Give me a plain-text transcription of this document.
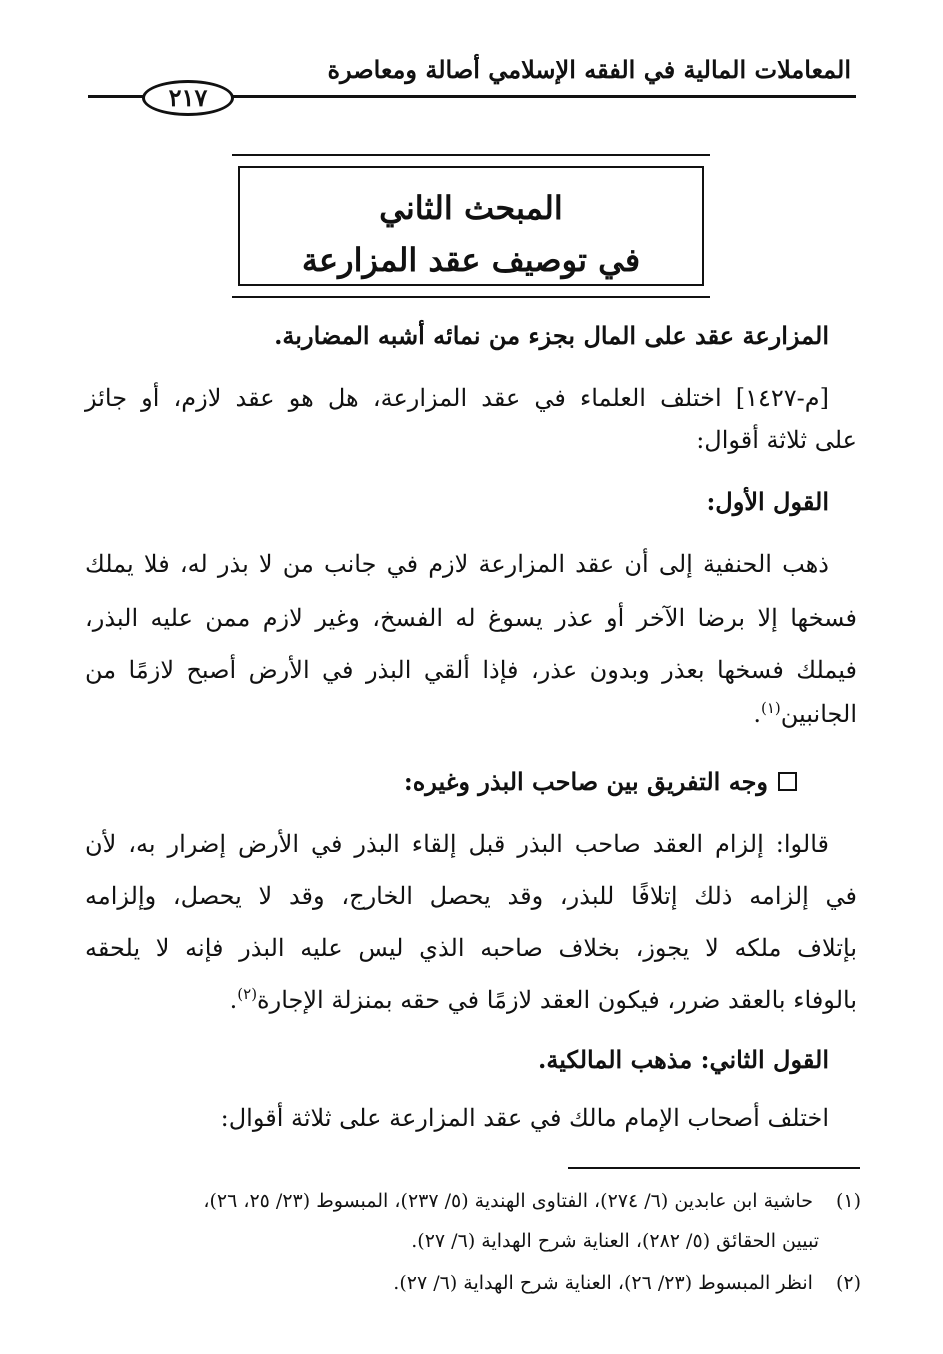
المعاملات المالية في الفقه الإسلامي أصالة ومعاصرة
٢١٧
المبحث الثاني
في توصيف عقد المزارعة
المزارعة عقد على المال بجزء من نمائه أشبه المضاربة.
[م-١٤٢٧] اختلف العلماء في عقد المزارعة، هل هو عقد لازم، أو جائز
على ثلاثة أقوال:
القول الأول:
ذهب الحنفية إلى أن عقد المزارعة لازم في جانب من لا بذر له، فلا يملك
فسخها إلا برضا الآخر أو عذر يسوغ له الفسخ، وغير لازم ممن عليه البذر،
فيملك فسخها بعذر وبدون عذر، فإذا ألقي البذر في الأرض أصبح لازمًا من
الجانبين$^{(١)}$.
وجه التفريق بين صاحب البذر وغيره:
قالوا: إلزام العقد صاحب البذر قبل إلقاء البذر في الأرض إضرار به، لأن
في إلزامه ذلك إتلافًا للبذر، وقد يحصل الخارج، وقد لا يحصل، وإلزامه
بإتلاف ملكه لا يجوز، بخلاف صاحبه الذي ليس عليه البذر فإنه لا يلحقه
بالوفاء بالعقد ضرر، فيكون العقد لازمًا في حقه بمنزلة الإجارة$^{(٢)}$.
القول الثاني: مذهب المالكية.
اختلف أصحاب الإمام مالك في عقد المزارعة على ثلاثة أقوال:
(١) حاشية ابن عابدين (٦/ ٢٧٤)، الفتاوى الهندية (٥/ ٢٣٧)، المبسوط (٢٣/ ٢٥، ٢٦)،
تبيين الحقائق (٥/ ٢٨٢)، العناية شرح الهداية (٦/ ٢٧).
(٢) انظر المبسوط (٢٣/ ٢٦)، العناية شرح الهداية (٦/ ٢٧).
